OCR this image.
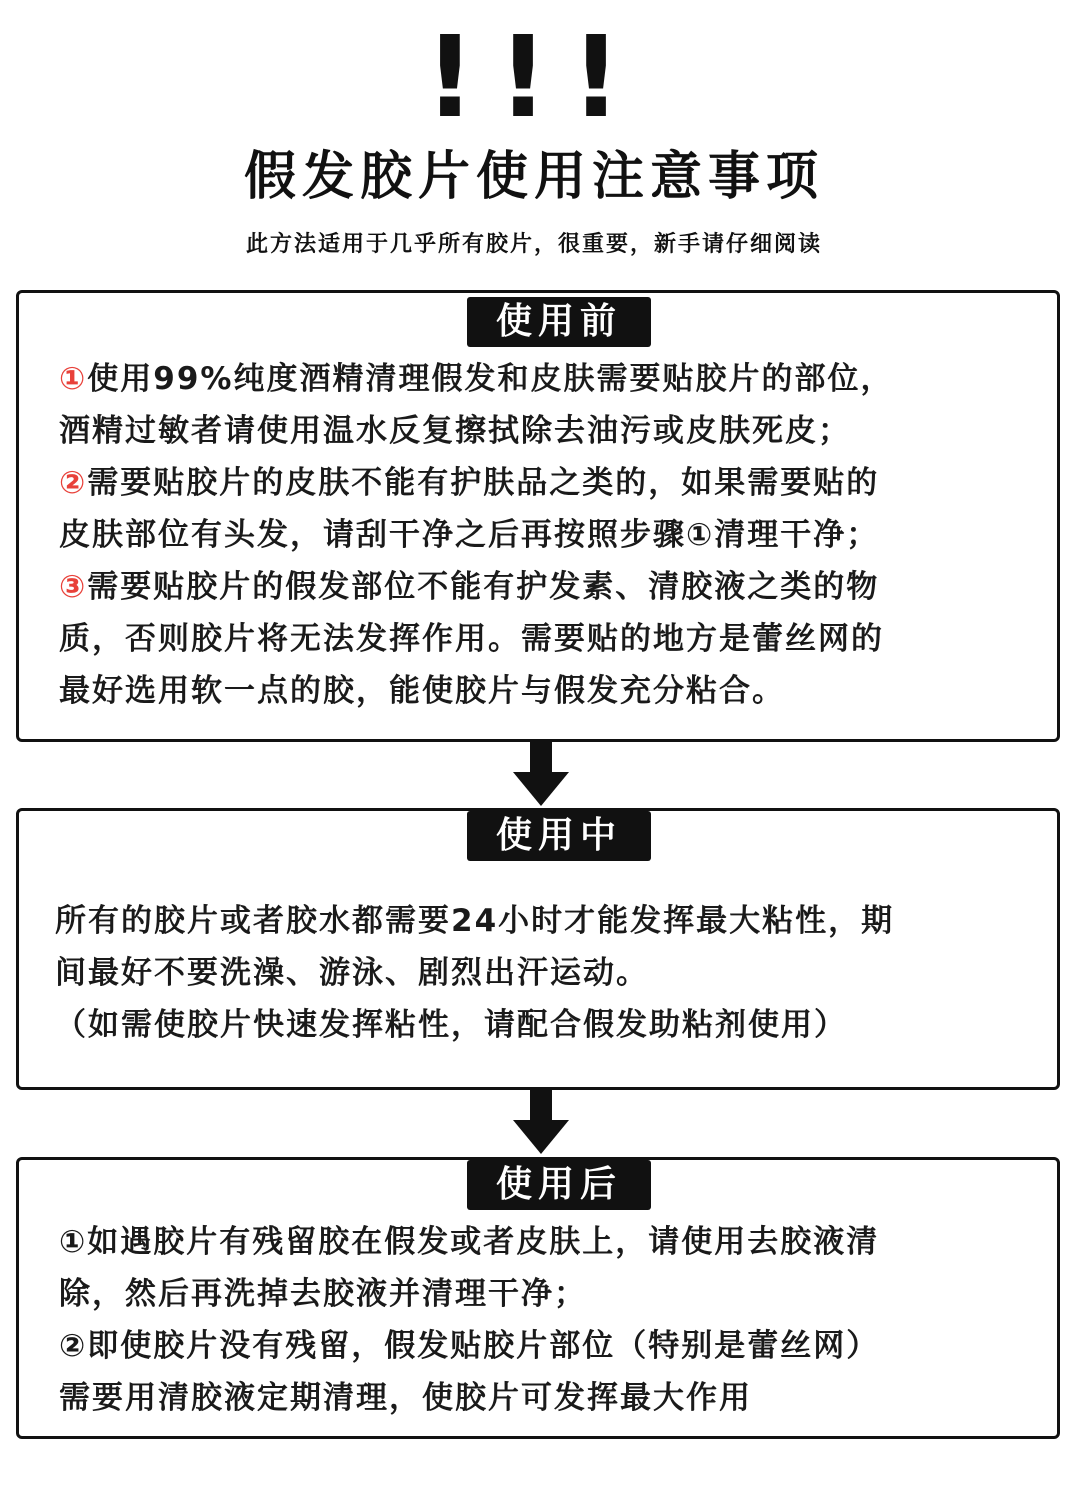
!!!
假发胶片使用注意事项
此方法适用于几乎所有胶片，很重要，新手请仔细阅读
使用前
①使用99%纯度酒精清理假发和皮肤需要贴胶片的部位，
酒精过敏者请使用温水反复擦拭除去油污或皮肤死皮；
②需要贴胶片的皮肤不能有护肤品之类的，如果需要贴的
皮肤部位有头发，请刮干净之后再按照步骤①清理干净；
③需要贴胶片的假发部位不能有护发素、清胶液之类的物
质，否则胶片将无法发挥作用。需要贴的地方是蕾丝网的
最好选用软一点的胶，能使胶片与假发充分粘合。
使用中
所有的胶片或者胶水都需要24小时才能发挥最大粘性，期
间最好不要洗澡、游泳、剧烈出汗运动。
（如需使胶片快速发挥粘性，请配合假发助粘剂使用）
使用后
①如遇胶片有残留胶在假发或者皮肤上，请使用去胶液清
除，然后再洗掉去胶液并清理干净；
②即使胶片没有残留，假发贴胶片部位（特别是蕾丝网）
需要用清胶液定期清理，使胶片可发挥最大作用
